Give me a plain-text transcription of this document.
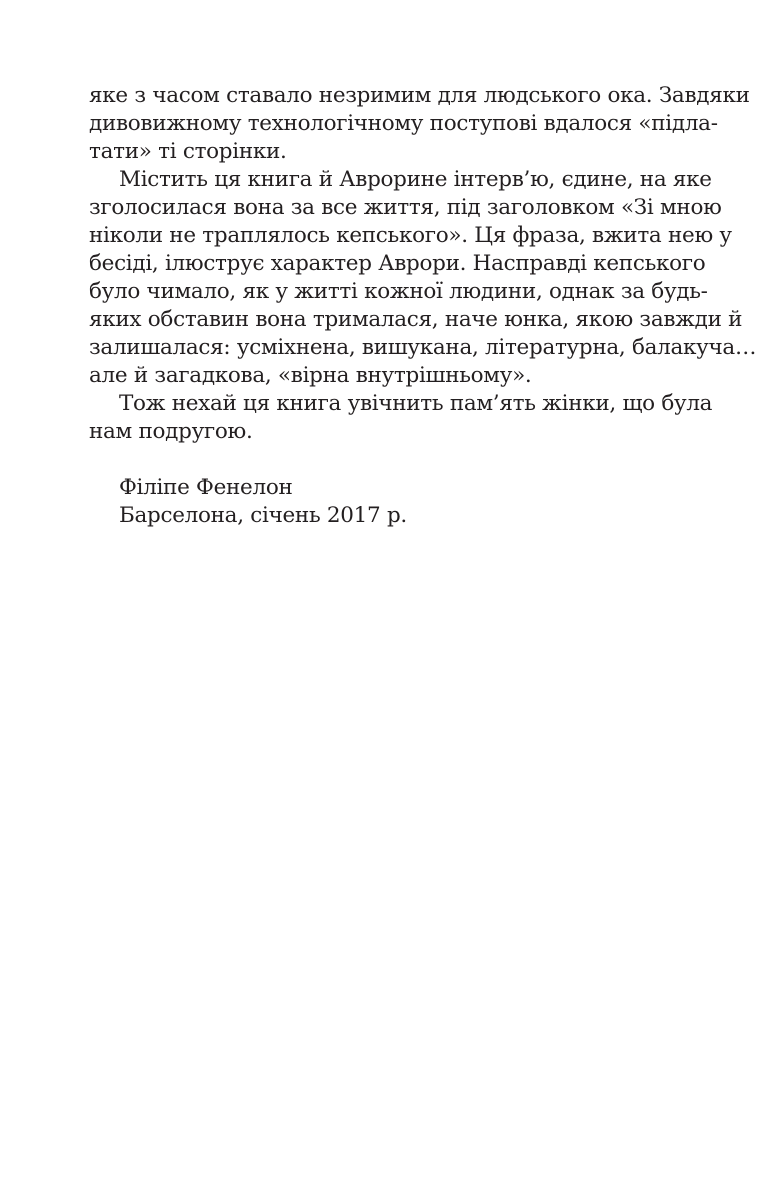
яке з часом ставало незримим для людського ока. Завдяки
дивовижному технологічному поступові вдалося «підла-
тати» ті сторінки.

Містить ця книга й Аврорине інтерв’ю, єдине, на яке
зголосилася вона за все життя, під заголовком «Зі мною
ніколи не траплялось кепського». Ця фраза, вжита нею у
бесіді, ілюструє характер Аврори. Насправді кепського
було чимало, як у житті кожної людини, однак за будь-
яких обставин вона трималася, наче юнка, якою завжди й
залишалася: усміхнена, вишукана, літературна, балакуча…
але й загадкова, «вірна внутрішньому».

Тож нехай ця книга увічнить пам’ять жінки, що була
нам подругою.

Філіпе Фенелон
Барселона, січень 2017 р.
